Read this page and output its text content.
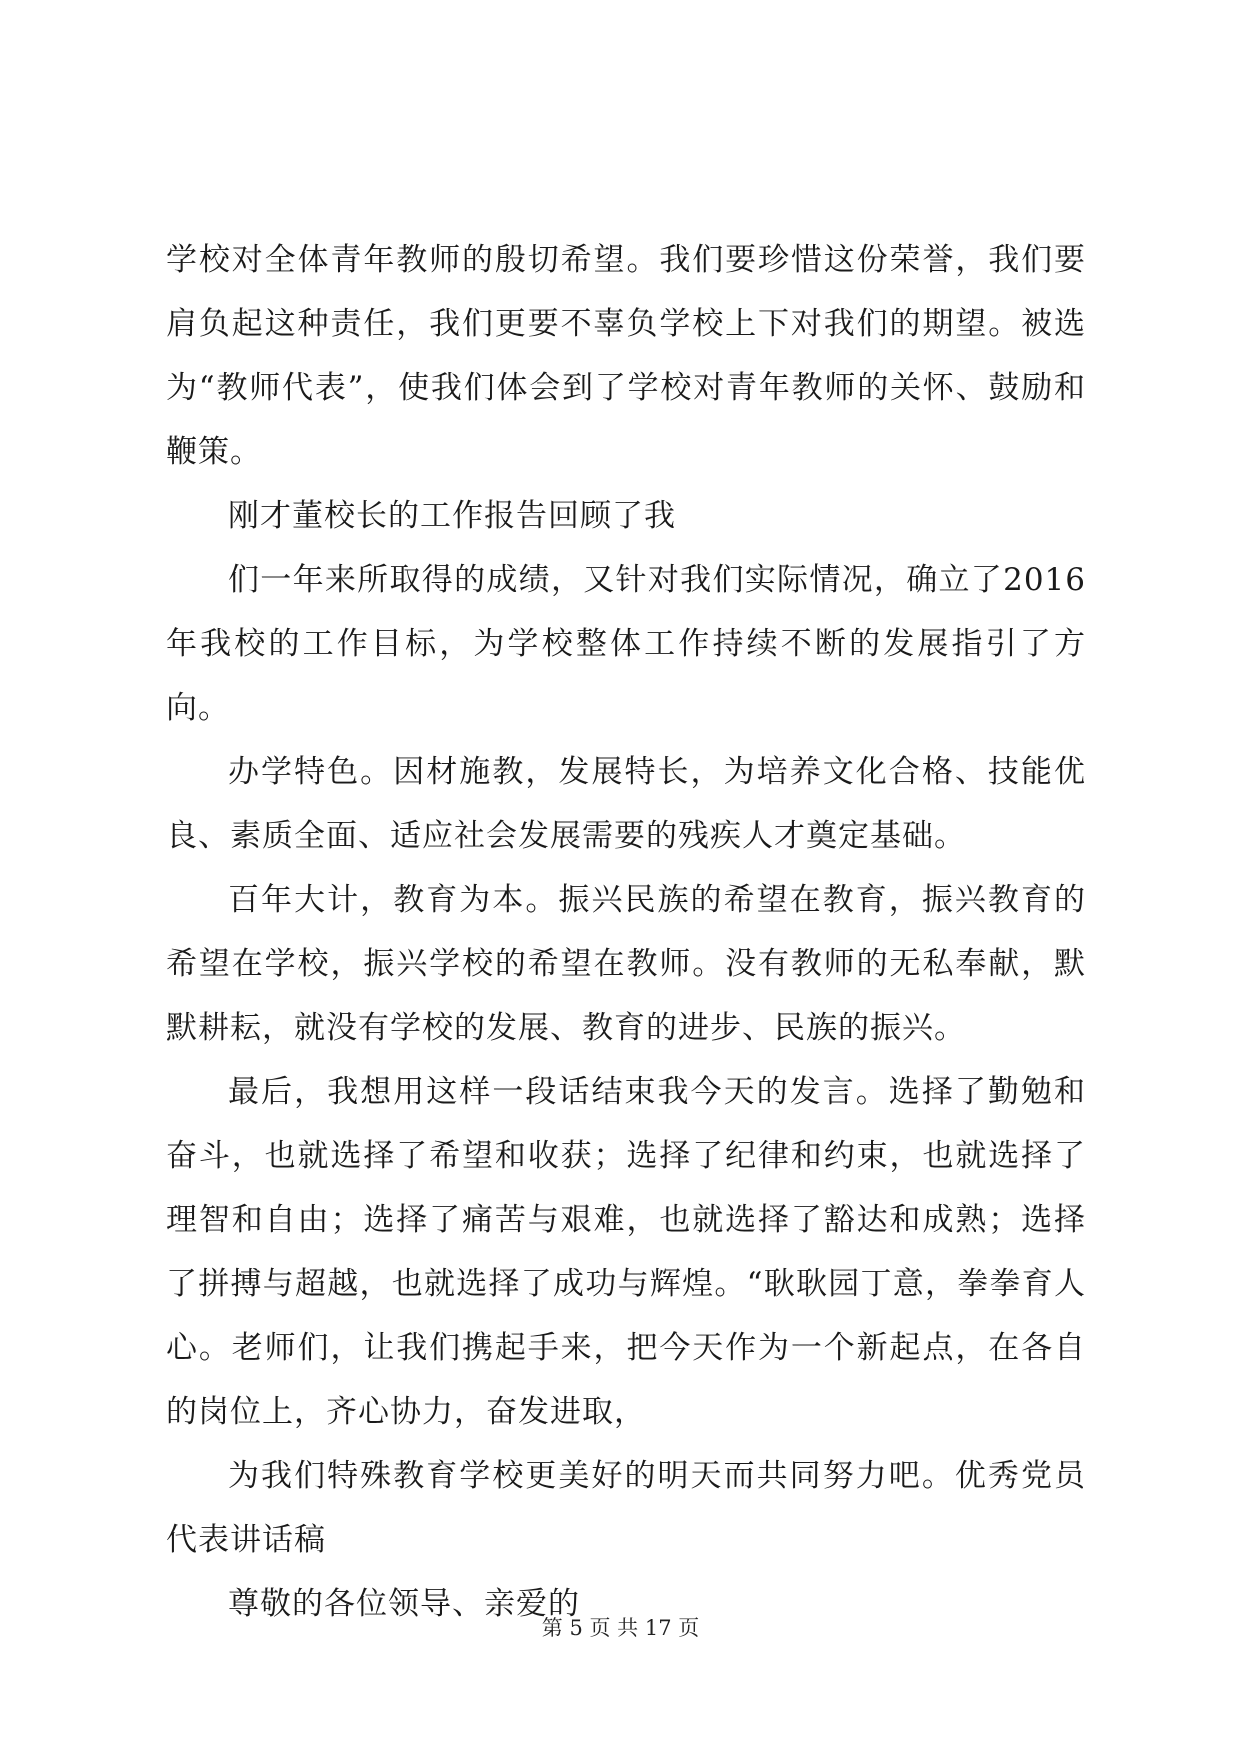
学校对全体青年教师的殷切希望。我们要珍惜这份荣誉，我们要肩负起这种责任，我们更要不辜负学校上下对我们的期望。被选为“教师代表”，使我们体会到了学校对青年教师的关怀、鼓励和鞭策。

刚才董校长的工作报告回顾了我

们一年来所取得的成绩，又针对我们实际情况，确立了2016年我校的工作目标，为学校整体工作持续不断的发展指引了方向。

办学特色。因材施教，发展特长，为培养文化合格、技能优良、素质全面、适应社会发展需要的残疾人才奠定基础。

百年大计，教育为本。振兴民族的希望在教育，振兴教育的希望在学校，振兴学校的希望在教师。没有教师的无私奉献，默默耕耘，就没有学校的发展、教育的进步、民族的振兴。

最后，我想用这样一段话结束我今天的发言。选择了勤勉和奋斗，也就选择了希望和收获；选择了纪律和约束，也就选择了理智和自由；选择了痛苦与艰难，也就选择了豁达和成熟；选择了拼搏与超越，也就选择了成功与辉煌。“耿耿园丁意，拳拳育人心。老师们，让我们携起手来，把今天作为一个新起点，在各自的岗位上，齐心协力，奋发进取，

为我们特殊教育学校更美好的明天而共同努力吧。优秀党员代表讲话稿

尊敬的各位领导、亲爱的

第 5 页 共 17 页
